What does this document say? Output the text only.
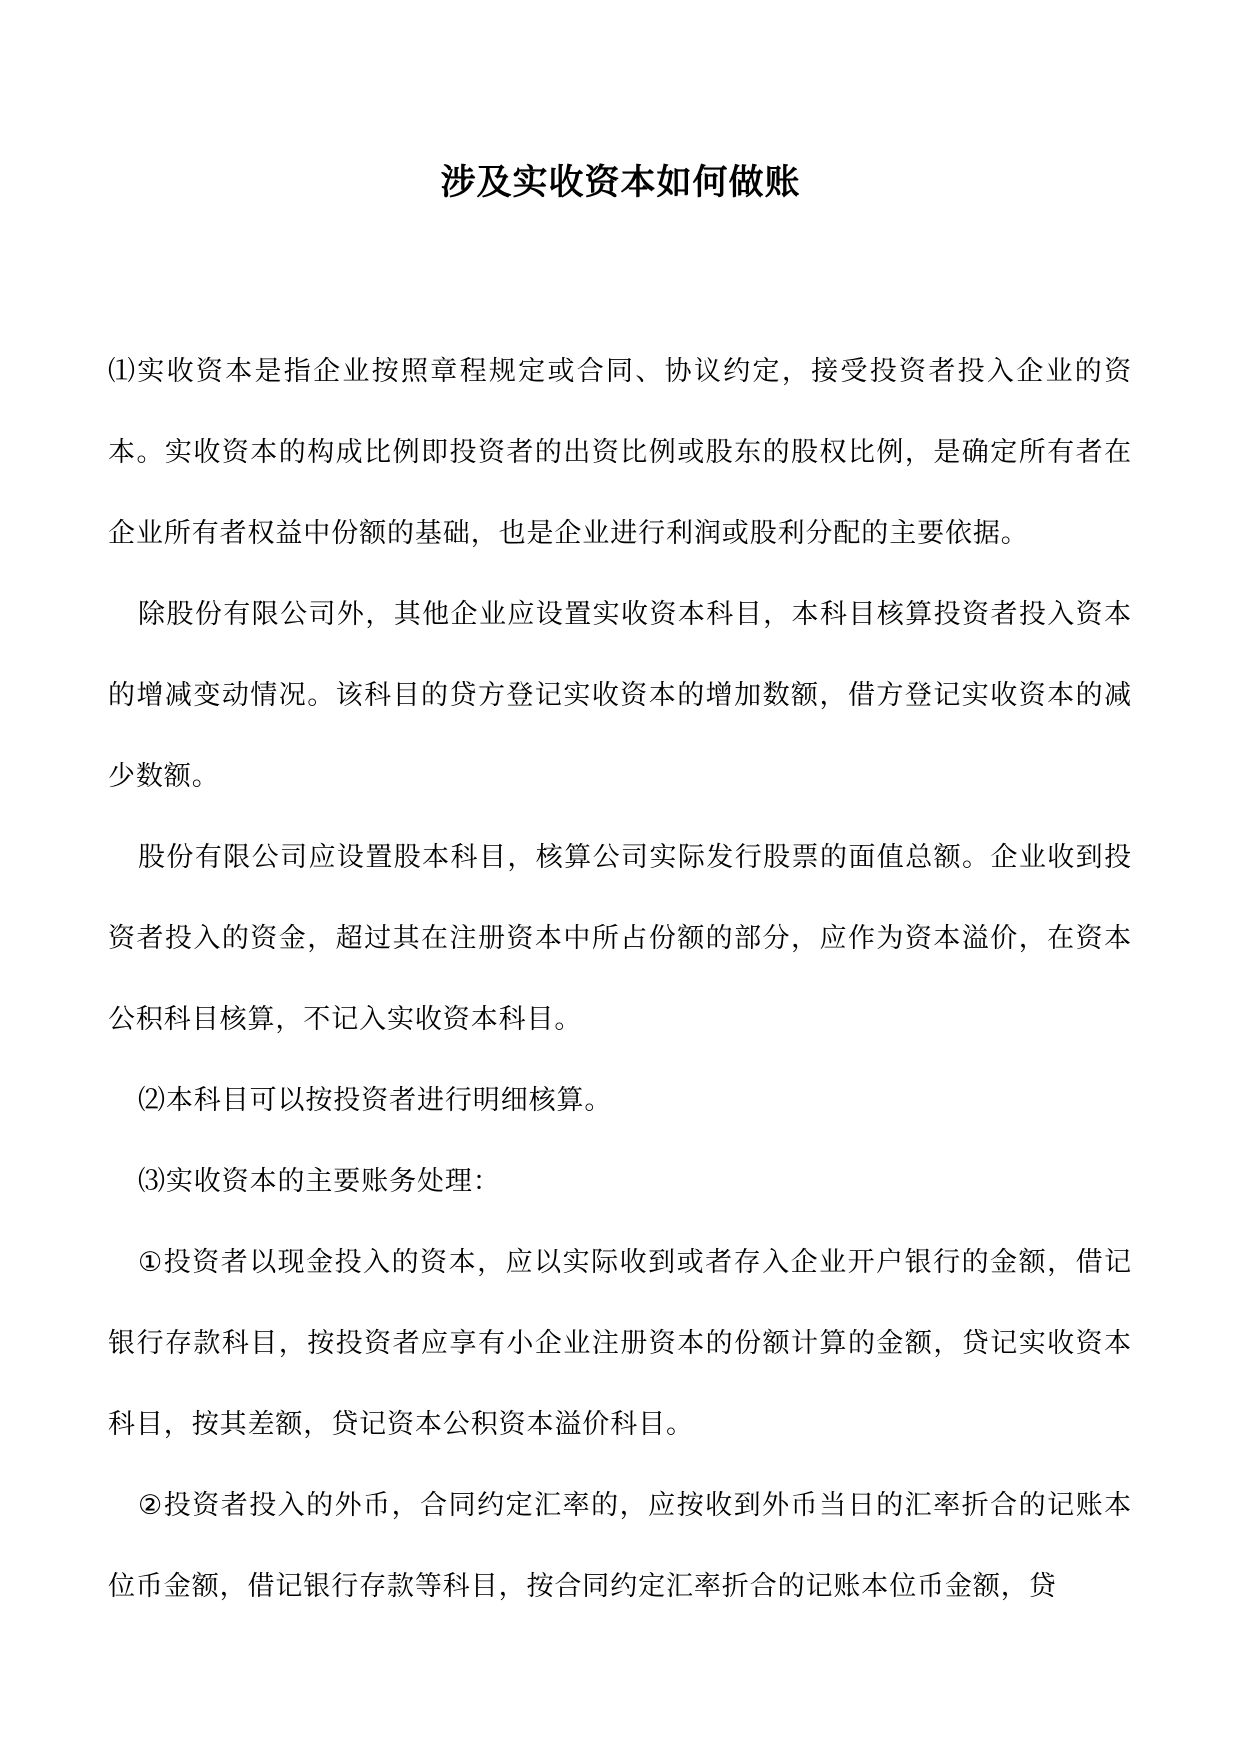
涉及实收资本如何做账

⑴实收资本是指企业按照章程规定或合同、协议约定，接受投资者投入企业的资本。实收资本的构成比例即投资者的出资比例或股东的股权比例，是确定所有者在企业所有者权益中份额的基础，也是企业进行利润或股利分配的主要依据。

除股份有限公司外，其他企业应设置实收资本科目，本科目核算投资者投入资本的增减变动情况。该科目的贷方登记实收资本的增加数额，借方登记实收资本的减少数额。

股份有限公司应设置股本科目，核算公司实际发行股票的面值总额。企业收到投资者投入的资金，超过其在注册资本中所占份额的部分，应作为资本溢价，在资本公积科目核算，不记入实收资本科目。

⑵本科目可以按投资者进行明细核算。

⑶实收资本的主要账务处理：

①投资者以现金投入的资本，应以实际收到或者存入企业开户银行的金额，借记银行存款科目，按投资者应享有小企业注册资本的份额计算的金额，贷记实收资本科目，按其差额，贷记资本公积资本溢价科目。

②投资者投入的外币，合同约定汇率的，应按收到外币当日的汇率折合的记账本位币金额，借记银行存款等科目，按合同约定汇率折合的记账本位币金额，贷
